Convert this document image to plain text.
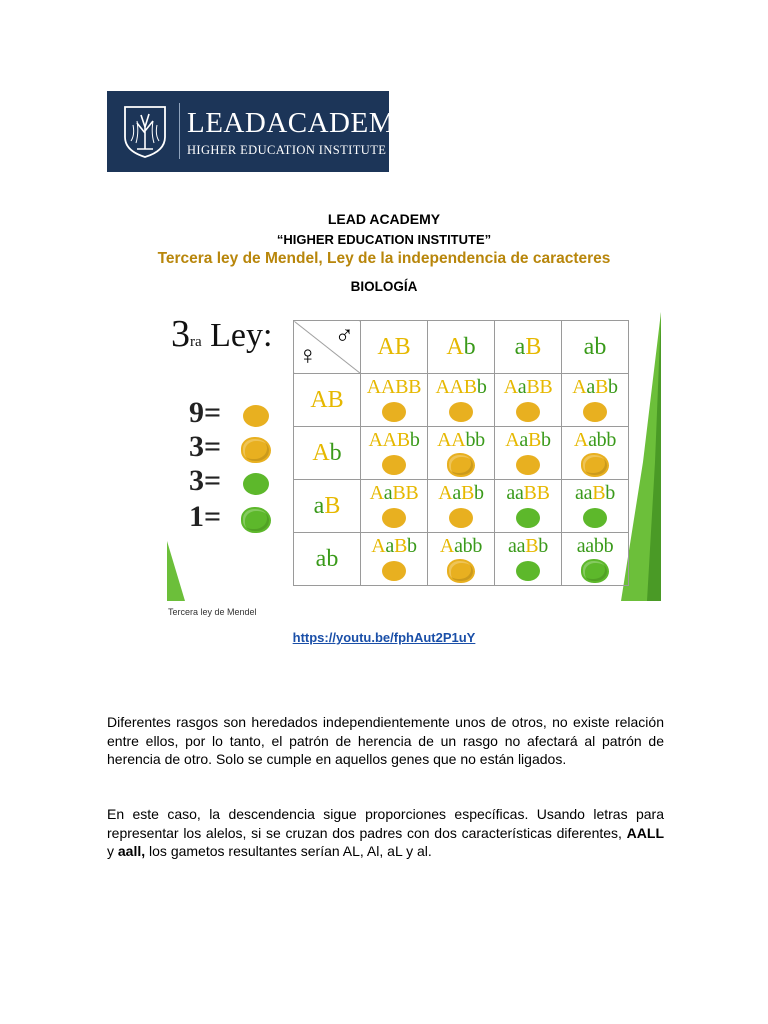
LEADACADEMY
HIGHER EDUCATION INSTITUTE
LEAD ACADEMY
“HIGHER EDUCATION INSTITUTE”
Tercera ley de Mendel, Ley de la independencia de caracteres
BIOLOGÍA
3ra Ley:
9=
3=
3=
1=
♀
♂	AB	Ab	aB	ab
AB	AABB	AABb	AaBB	AaBb

Ab	AABb	AAbb	AaBb	Aabb

aB	AaBB	AaBb	aaBB	aaBb

ab	AaBb	Aabb	aaBb	aabb
Tercera ley de Mendel
https://youtu.be/fphAut2P1uY
Diferentes rasgos son heredados independientemente unos de otros, no existe relación entre ellos, por lo tanto, el patrón de herencia de un rasgo no afectará al patrón de herencia de otro. Solo se cumple en aquellos genes que no están ligados.
En este caso, la descendencia sigue proporciones específicas. Usando letras para representar los alelos, si se cruzan dos padres con dos características diferentes, AALL y aall, los gametos resultantes serían AL, Al, aL y al.
